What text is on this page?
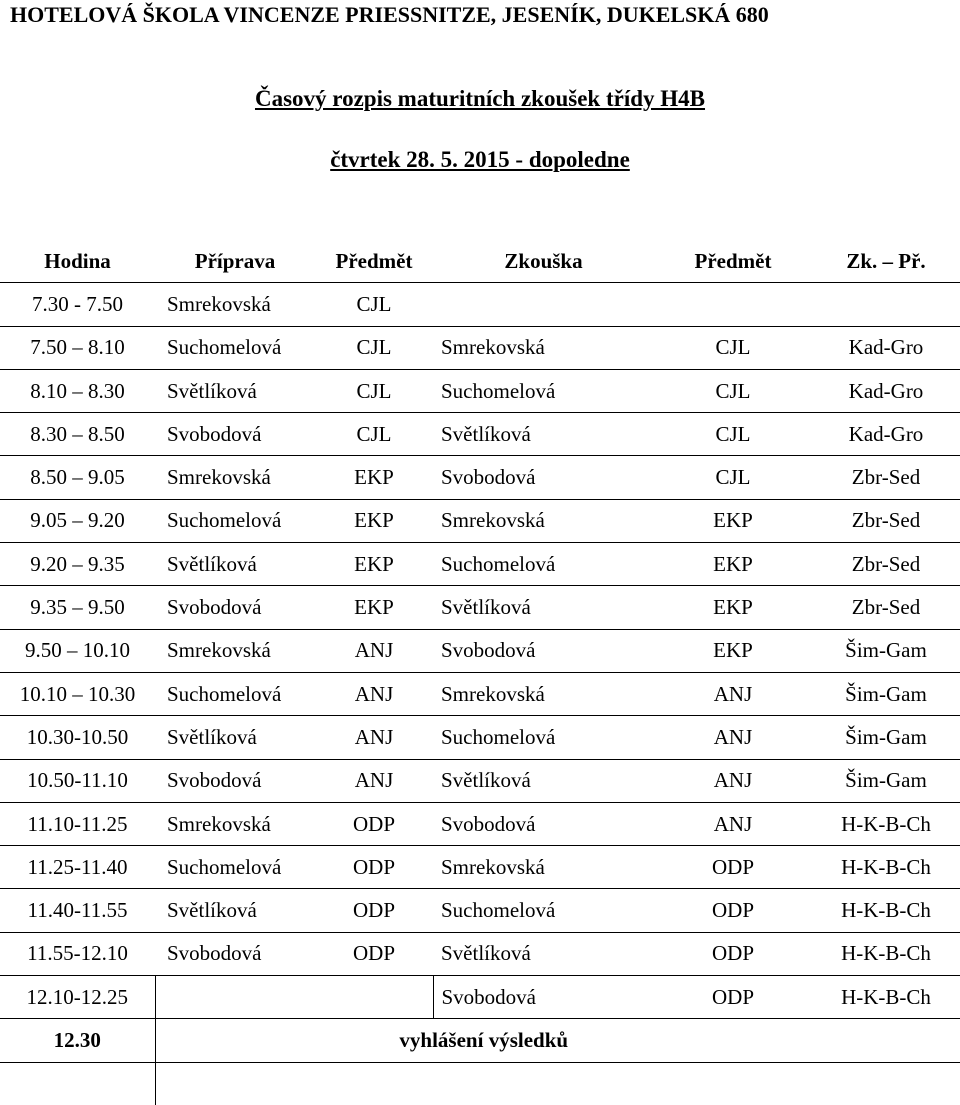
HOTELOVÁ ŠKOLA VINCENZE PRIESSNITZE, JESENÍK, DUKELSKÁ 680
Časový rozpis maturitních zkoušek třídy H4B
čtvrtek 28. 5. 2015 - dopoledne
Hodina	Příprava	Předmět	Zkouška	Předmět	Zk. – Př.
7.30 - 7.50	Smrekovská	CJL			
7.50 – 8.10	Suchomelová	CJL	Smrekovská	CJL	Kad-Gro
8.10 – 8.30	Světlíková	CJL	Suchomelová	CJL	Kad-Gro
8.30 – 8.50	Svobodová	CJL	Světlíková	CJL	Kad-Gro
8.50 – 9.05	Smrekovská	EKP	Svobodová	CJL	Zbr-Sed
9.05 – 9.20	Suchomelová	EKP	Smrekovská	EKP	Zbr-Sed
9.20 – 9.35	Světlíková	EKP	Suchomelová	EKP	Zbr-Sed
9.35 – 9.50	Svobodová	EKP	Světlíková	EKP	Zbr-Sed
9.50 – 10.10	Smrekovská	ANJ	Svobodová	EKP	Šim-Gam
10.10 – 10.30	Suchomelová	ANJ	Smrekovská	ANJ	Šim-Gam
10.30-10.50	Světlíková	ANJ	Suchomelová	ANJ	Šim-Gam
10.50-11.10	Svobodová	ANJ	Světlíková	ANJ	Šim-Gam
11.10-11.25	Smrekovská	ODP	Svobodová	ANJ	H-K-B-Ch
11.25-11.40	Suchomelová	ODP	Smrekovská	ODP	H-K-B-Ch
11.40-11.55	Světlíková	ODP	Suchomelová	ODP	H-K-B-Ch
11.55-12.10	Svobodová	ODP	Světlíková	ODP	H-K-B-Ch
12.10-12.25			Svobodová	ODP	H-K-B-Ch
12.30	vyhlášení výsledků				
